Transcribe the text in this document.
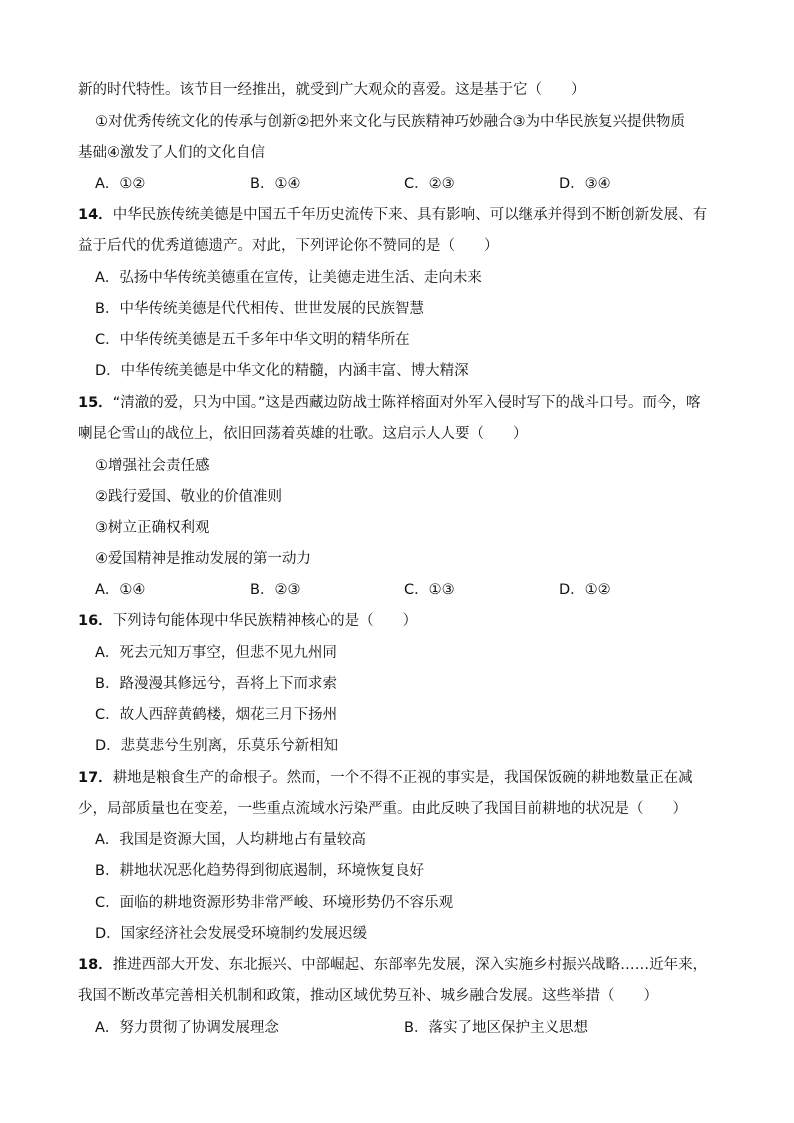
新的时代特性。该节目一经推出，就受到广大观众的喜爱。这是基于它（　　）
①对优秀传统文化的传承与创新②把外来文化与民族精神巧妙融合③为中华民族复兴提供物质
基础④激发了人们的文化自信
A．①②	B．①④	C．②③	D．③④
14．中华民族传统美德是中国五千年历史流传下来、具有影响、可以继承并得到不断创新发展、有
益于后代的优秀道德遗产。对此，下列评论你不赞同的是（　　）
A．弘扬中华传统美德重在宣传，让美德走进生活、走向未来
B．中华传统美德是代代相传、世世发展的民族智慧
C．中华传统美德是五千多年中华文明的精华所在
D．中华传统美德是中华文化的精髓，内涵丰富、博大精深
15．“清澈的爱，只为中国。”这是西藏边防战士陈祥榕面对外军入侵时写下的战斗口号。而今，喀
喇昆仑雪山的战位上，依旧回荡着英雄的壮歌。这启示人人要（　　）
①增强社会责任感
②践行爱国、敬业的价值准则
③树立正确权利观
④爱国精神是推动发展的第一动力
A．①④	B．②③	C．①③	D．①②
16．下列诗句能体现中华民族精神核心的是（　　）
A．死去元知万事空，但悲不见九州同
B．路漫漫其修远兮，吾将上下而求索
C．故人西辞黄鹤楼，烟花三月下扬州
D．悲莫悲兮生别离，乐莫乐兮新相知
17．耕地是粮食生产的命根子。然而，一个不得不正视的事实是，我国保饭碗的耕地数量正在减
少，局部质量也在变差，一些重点流域水污染严重。由此反映了我国目前耕地的状况是（　　）
A．我国是资源大国，人均耕地占有量较高
B．耕地状况恶化趋势得到彻底遏制，环境恢复良好
C．面临的耕地资源形势非常严峻、环境形势仍不容乐观
D．国家经济社会发展受环境制约发展迟缓
18．推进西部大开发、东北振兴、中部崛起、东部率先发展，深入实施乡村振兴战略……近年来，
我国不断改革完善相关机制和政策，推动区域优势互补、城乡融合发展。这些举措（　　）
A．努力贯彻了协调发展理念	B．落实了地区保护主义思想
